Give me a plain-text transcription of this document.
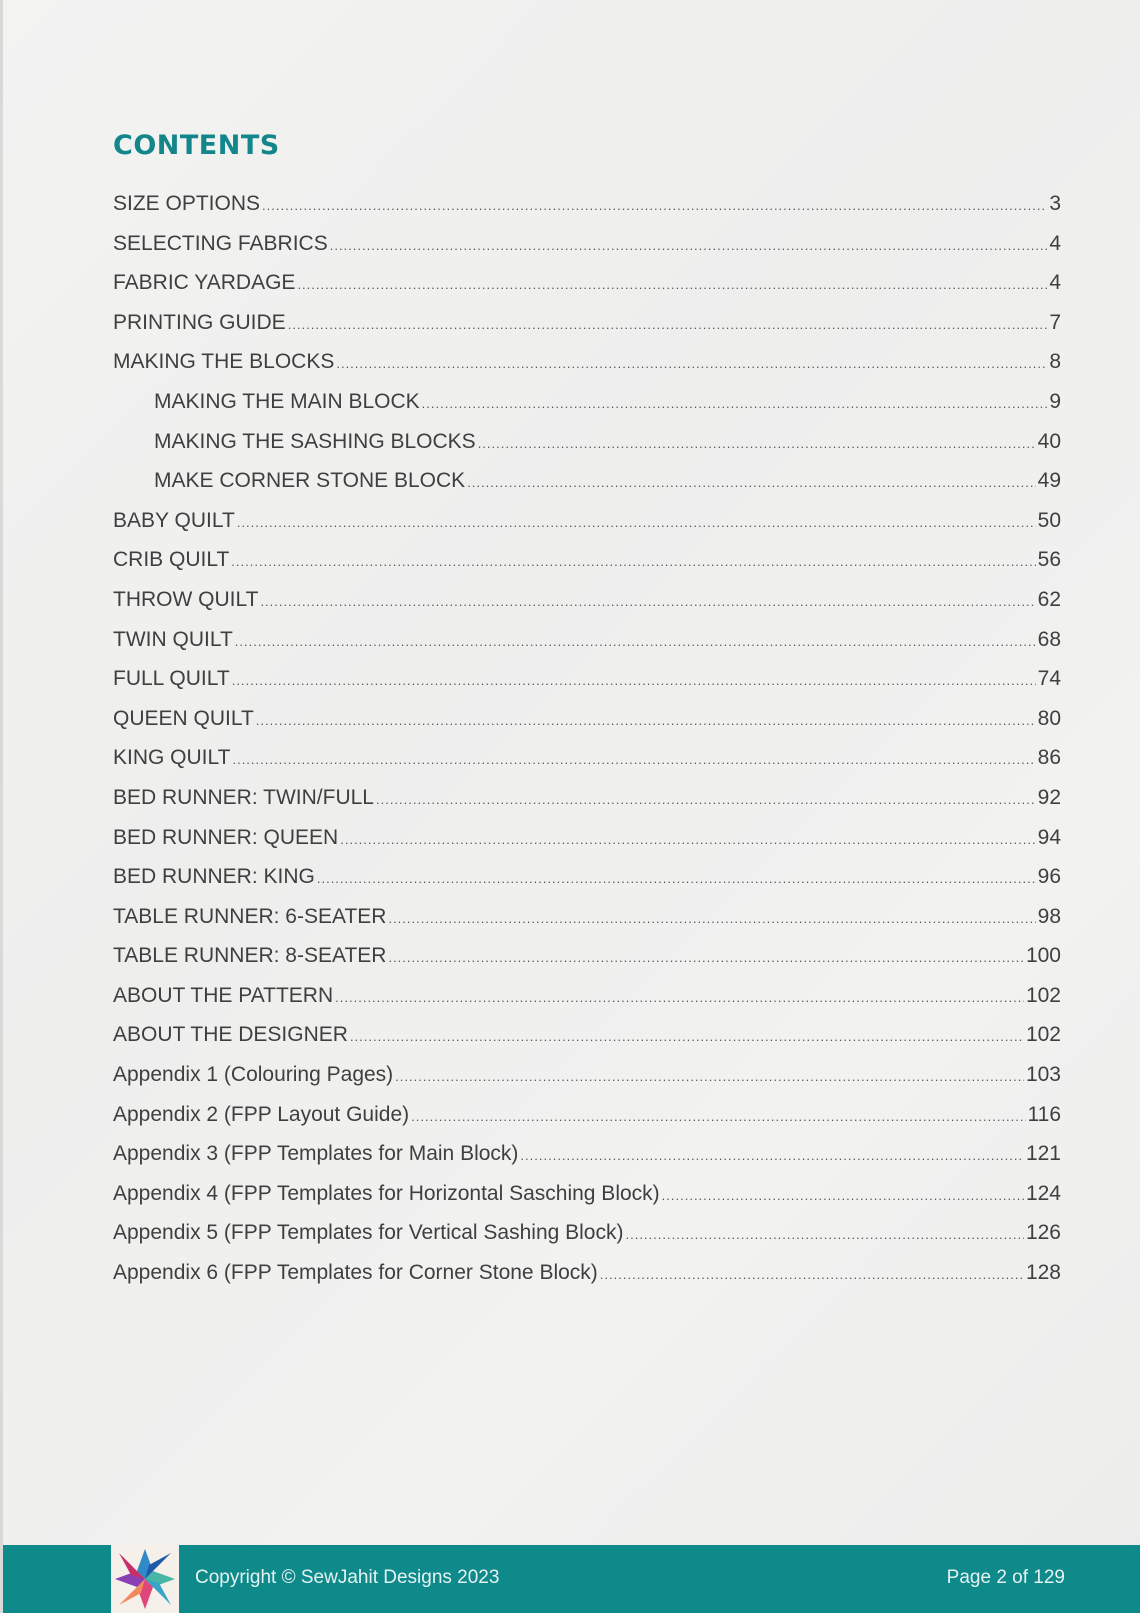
CONTENTS
SIZE OPTIONS .....	3
SELECTING FABRICS .....	4
FABRIC YARDAGE .....	4
PRINTING GUIDE .....	7
MAKING THE BLOCKS .....	8
MAKING THE MAIN BLOCK .....	9
MAKING THE SASHING BLOCKS .....	40
MAKE CORNER STONE BLOCK .....	49
BABY QUILT .....	50
CRIB QUILT .....	56
THROW QUILT .....	62
TWIN QUILT .....	68
FULL QUILT .....	74
QUEEN QUILT .....	80
KING QUILT .....	86
BED RUNNER: TWIN/FULL .....	92
BED RUNNER: QUEEN .....	94
BED RUNNER: KING .....	96
TABLE RUNNER: 6-SEATER .....	98
TABLE RUNNER: 8-SEATER .....	100
ABOUT THE PATTERN .....	102
ABOUT THE DESIGNER .....	102
Appendix 1 (Colouring Pages) .....	103
Appendix 2 (FPP Layout Guide) .....	116
Appendix 3 (FPP Templates for Main Block) .....	121
Appendix 4 (FPP Templates for Horizontal Sasching Block) .....	124
Appendix 5 (FPP Templates for Vertical Sashing Block) .....	126
Appendix 6 (FPP Templates for Corner Stone Block) .....	128
Copyright © SewJahit Designs 2023	Page 2 of 129
